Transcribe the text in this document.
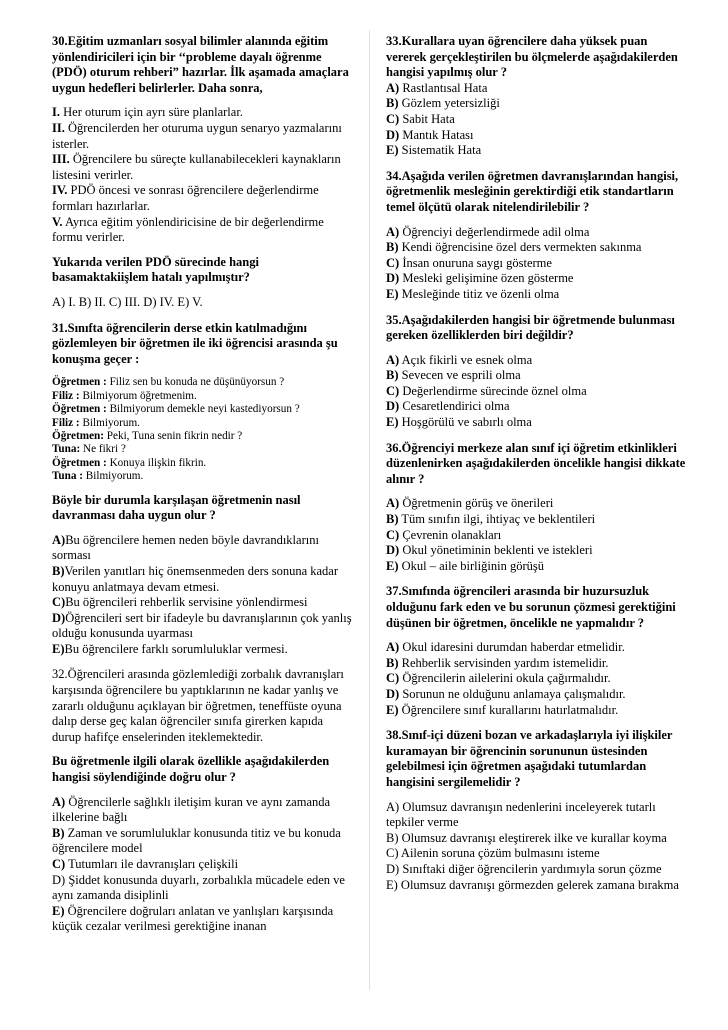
30.Eğitim uzmanları sosyal bilimler alanında eğitim yönlendiricileri için bir ‘‘probleme dayalı öğrenme (PDÖ) oturum rehberi” hazırlar. İlk aşamada amaçlara uygun hedefleri belirlerler. Daha sonra,

I. Her oturum için ayrı süre planlarlar.

II. Öğrencilerden her oturuma uygun senaryo yazmalarını isterler.

III. Öğrencilere bu süreçte kullanabilecekleri kaynakların listesini verirler.

IV. PDÖ öncesi ve sonrası öğrencilere değerlendirme formları hazırlarlar.

V. Ayrıca eğitim yönlendiricisine de bir değerlendirme formu verirler.

Yukarıda verilen PDÖ sürecinde hangi basamaktakiişlem hatalı yapılmıştır?

A) I. B) II. C) III. D) IV. E) V.

31.Sınıfta öğrencilerin derse etkin katılmadığını gözlemleyen bir öğretmen ile iki öğrencisi arasında şu konuşma geçer :

Öğretmen : Filiz sen bu konuda ne düşünüyorsun ?

Filiz : Bilmiyorum öğretmenim.

Öğretmen : Bilmiyorum demekle neyi kastediyorsun ?

Filiz : Bilmiyorum.

Öğretmen: Peki, Tuna senin fikrin nedir ?

Tuna: Ne fikri ?

Öğretmen : Konuya ilişkin fikrin.

Tuna : Bilmiyorum.

Böyle bir durumla karşılaşan öğretmenin nasıl davranması daha uygun olur ?

A)Bu öğrencilere hemen neden böyle davrandıklarını sorması

B)Verilen yanıtları hiç önemsenmeden ders sonuna kadar konuyu anlatmaya devam etmesi.

C)Bu öğrencileri rehberlik servisine yönlendirmesi

D)Öğrencileri sert bir ifadeyle bu davranışlarının çok yanlış olduğu konusunda uyarması

E)Bu öğrencilere farklı sorumluluklar vermesi.

32.Öğrencileri arasında gözlemlediği zorbalık davranışları karşısında öğrencilere bu yaptıklarının ne kadar yanlış ve zararlı olduğunu açıklayan bir öğretmen, teneffüste oyuna dalıp derse geç kalan öğrenciler sınıfa girerken kapıda durup hafifçe enselerinden iteklemektedir.

Bu öğretmenle ilgili olarak özellikle aşağıdakilerden hangisi söylendiğinde doğru olur ?

A) Öğrencilerle sağlıklı iletişim kuran ve aynı zamanda ilkelerine bağlı

B) Zaman ve sorumluluklar konusunda titiz ve bu konuda öğrencilere model

C) Tutumları ile davranışları çelişkili

D) Şiddet konusunda duyarlı, zorbalıkla mücadele eden ve aynı zamanda disiplinli

E) Öğrencilere doğruları anlatan ve yanlışları karşısında küçük cezalar verilmesi gerektiğine inanan

33.Kurallara uyan öğrencilere daha yüksek puan vererek gerçekleştirilen bu ölçmelerde aşağıdakilerden hangisi yapılmış olur ?

A) Rastlantısal Hata

B) Gözlem yetersizliği

C) Sabit Hata

D) Mantık Hatası

E) Sistematik Hata

34.Aşağıda verilen öğretmen davranışlarından hangisi, öğretmenlik mesleğinin gerektirdiği etik standartların temel ölçütü olarak nitelendirilebilir ?

A) Öğrenciyi değerlendirmede adil olma

B) Kendi öğrencisine özel ders vermekten sakınma

C) İnsan onuruna saygı gösterme

D) Mesleki gelişimine özen gösterme

E) Mesleğinde titiz ve özenli olma

35.Aşağıdakilerden hangisi bir öğretmende bulunması gereken özelliklerden biri değildir?

A) Açık fikirli ve esnek olma

B) Sevecen ve esprili olma

C) Değerlendirme sürecinde öznel olma

D) Cesaretlendirici olma

E) Hoşgörülü ve sabırlı olma

36.Öğrenciyi merkeze alan sınıf içi öğretim etkinlikleri düzenlenirken aşağıdakilerden öncelikle hangisi dikkate alınır ?

A) Öğretmenin görüş ve önerileri

B) Tüm sınıfın ilgi, ihtiyaç ve beklentileri

C) Çevrenin olanakları

D) Okul yönetiminin beklenti ve istekleri

E) Okul – aile birliğinin görüşü

37.Sınıfında öğrencileri arasında bir huzursuzluk olduğunu fark eden ve bu sorunun çözmesi gerektiğini düşünen bir öğretmen, öncelikle ne yapmalıdır ?

A) Okul idaresini durumdan haberdar etmelidir.

B) Rehberlik servisinden yardım istemelidir.

C) Öğrencilerin ailelerini okula çağırmalıdır.

D) Sorunun ne olduğunu anlamaya çalışmalıdır.

E) Öğrencilere sınıf kurallarını hatırlatmalıdır.

38.Sınıf-içi düzeni bozan ve arkadaşlarıyla iyi ilişkiler kuramayan bir öğrencinin sorununun üstesinden gelebilmesi için öğretmen aşağıdaki tutumlardan hangisini sergilemelidir ?

A) Olumsuz davranışın nedenlerini inceleyerek tutarlı tepkiler verme

B) Olumsuz davranışı eleştirerek ilke ve kurallar koyma

C) Ailenin soruna çözüm bulmasını isteme

D) Sınıftaki diğer öğrencilerin yardımıyla sorun çözme

E) Olumsuz davranışı görmezden gelerek zamana bırakma
